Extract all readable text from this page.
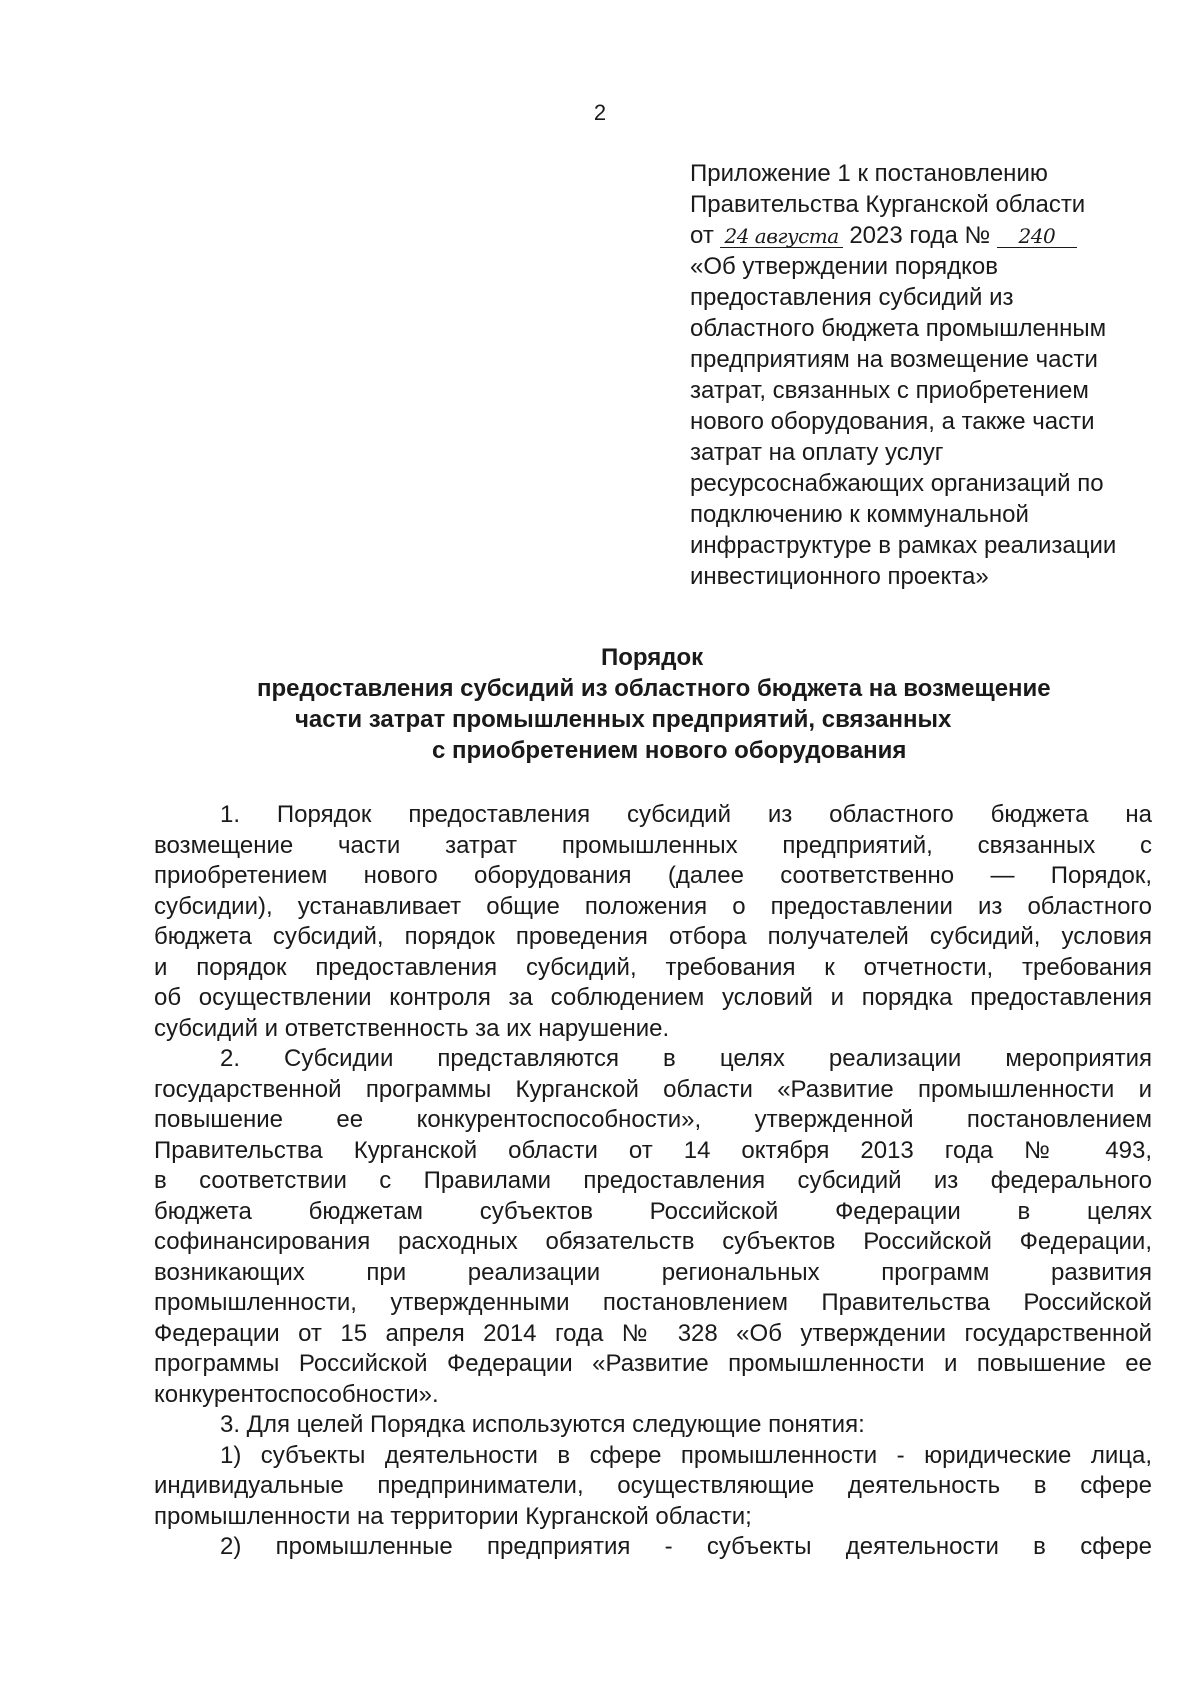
2
Приложение 1 к постановлению
Правительства Курганской области
от 24 августа 2023 года № 240
«Об утверждении порядков
предоставления субсидий из
областного бюджета промышленным
предприятиям на возмещение части
затрат, связанных с приобретением
нового оборудования, а также части
затрат на оплату услуг
ресурсоснабжающих организаций по
подключению к коммунальной
инфраструктуре в рамках реализации
инвестиционного проекта»
Порядок
предоставления субсидий из областного бюджета на возмещение
части затрат промышленных предприятий, связанных
с приобретением нового оборудования
1. Порядок предоставления субсидий из областного бюджета на
возмещение части затрат промышленных предприятий, связанных с
приобретением нового оборудования (далее соответственно — Порядок,
субсидии), устанавливает общие положения о предоставлении из областного
бюджета субсидий, порядок проведения отбора получателей субсидий, условия
и порядок предоставления субсидий, требования к отчетности, требования
об осуществлении контроля за соблюдением условий и порядка предоставления
субсидий и ответственность за их нарушение.
2. Субсидии представляются в целях реализации мероприятия
государственной программы Курганской области «Развитие промышленности и
повышение ее конкурентоспособности», утвержденной постановлением
Правительства Курганской области от 14 октября 2013 года № 493,
в соответствии с Правилами предоставления субсидий из федерального
бюджета бюджетам субъектов Российской Федерации в целях
софинансирования расходных обязательств субъектов Российской Федерации,
возникающих при реализации региональных программ развития
промышленности, утвержденными постановлением Правительства Российской
Федерации от 15 апреля 2014 года № 328 «Об утверждении государственной
программы Российской Федерации «Развитие промышленности и повышение ее
конкурентоспособности».
3. Для целей Порядка используются следующие понятия:
1) субъекты деятельности в сфере промышленности - юридические лица,
индивидуальные предприниматели, осуществляющие деятельность в сфере
промышленности на территории Курганской области;
2) промышленные предприятия - субъекты деятельности в сфере
